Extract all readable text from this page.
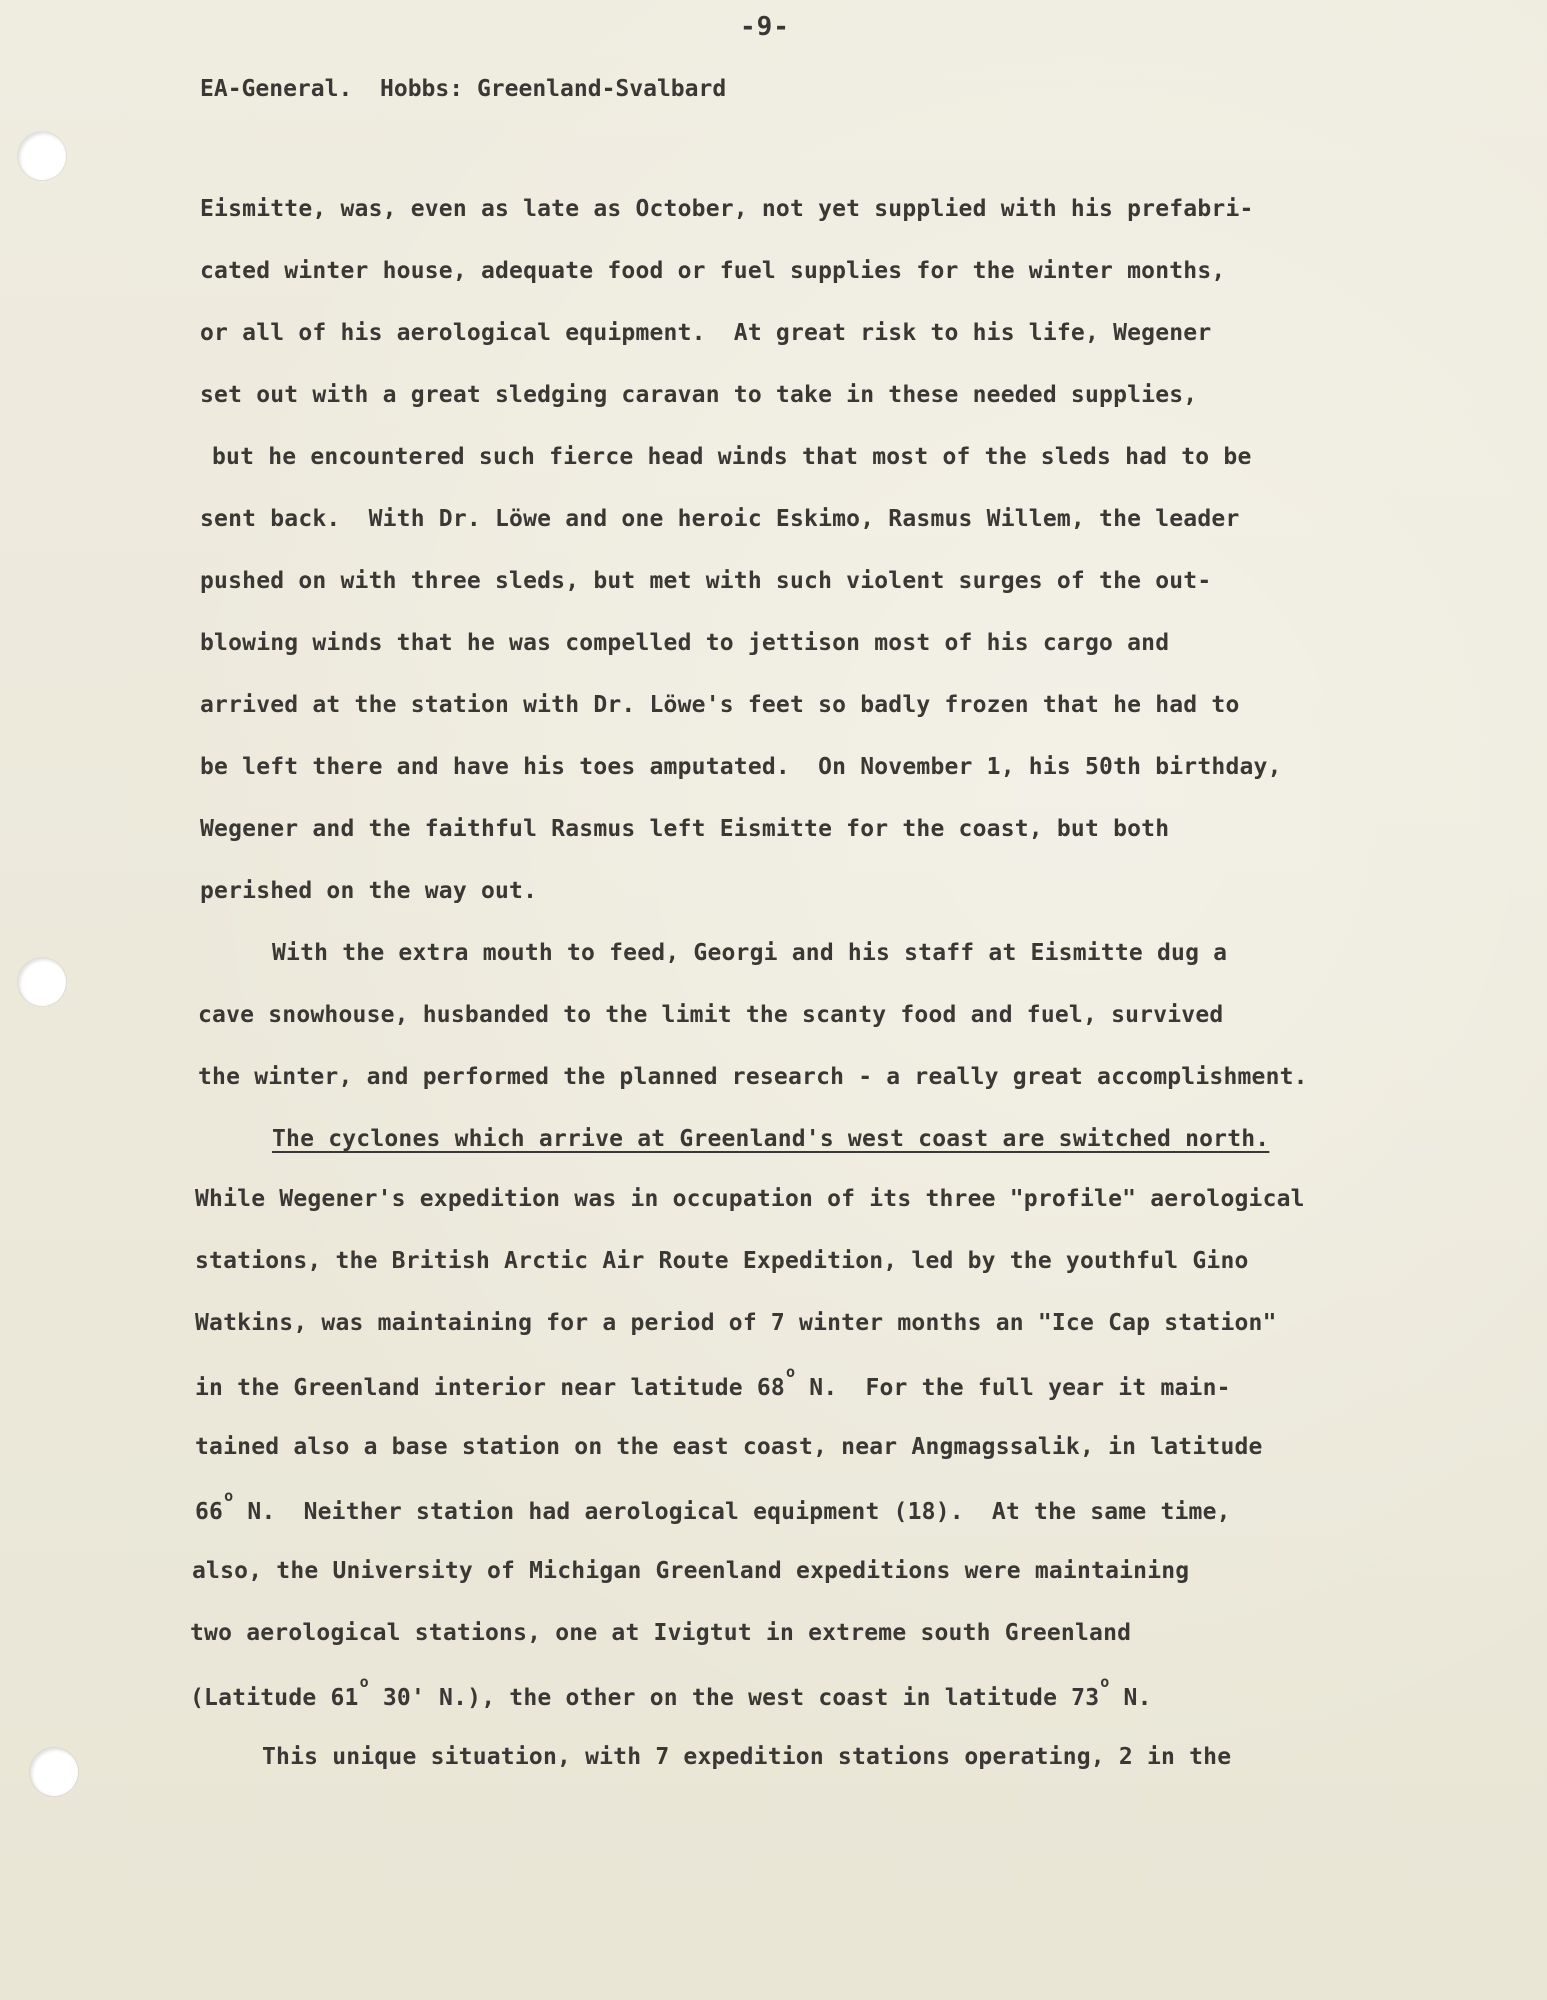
-9-
EA-General.  Hobbs: Greenland-Svalbard
Eismitte, was, even as late as October, not yet supplied with his prefabri-
cated winter house, adequate food or fuel supplies for the winter months,
or all of his aerological equipment.  At great risk to his life, Wegener
set out with a great sledging caravan to take in these needed supplies,
but he encountered such fierce head winds that most of the sleds had to be
sent back.  With Dr. Löwe and one heroic Eskimo, Rasmus Willem, the leader
pushed on with three sleds, but met with such violent surges of the out-
blowing winds that he was compelled to jettison most of his cargo and
arrived at the station with Dr. Löwe's feet so badly frozen that he had to
be left there and have his toes amputated.  On November 1, his 50th birthday,
Wegener and the faithful Rasmus left Eismitte for the coast, but both
perished on the way out.
With the extra mouth to feed, Georgi and his staff at Eismitte dug a
cave snowhouse, husbanded to the limit the scanty food and fuel, survived
the winter, and performed the planned research - a really great accomplishment.
The cyclones which arrive at Greenland's west coast are switched north.
While Wegener's expedition was in occupation of its three "profile" aerological
stations, the British Arctic Air Route Expedition, led by the youthful Gino
Watkins, was maintaining for a period of 7 winter months an "Ice Cap station"
in the Greenland interior near latitude 68$^o$ N.  For the full year it main-
tained also a base station on the east coast, near Angmagssalik, in latitude
66$^o$ N.  Neither station had aerological equipment (18).  At the same time,
also, the University of Michigan Greenland expeditions were maintaining
two aerological stations, one at Ivigtut in extreme south Greenland
(Latitude 61$^o$ 30' N.), the other on the west coast in latitude 73$^o$ N.
This unique situation, with 7 expedition stations operating, 2 in the
